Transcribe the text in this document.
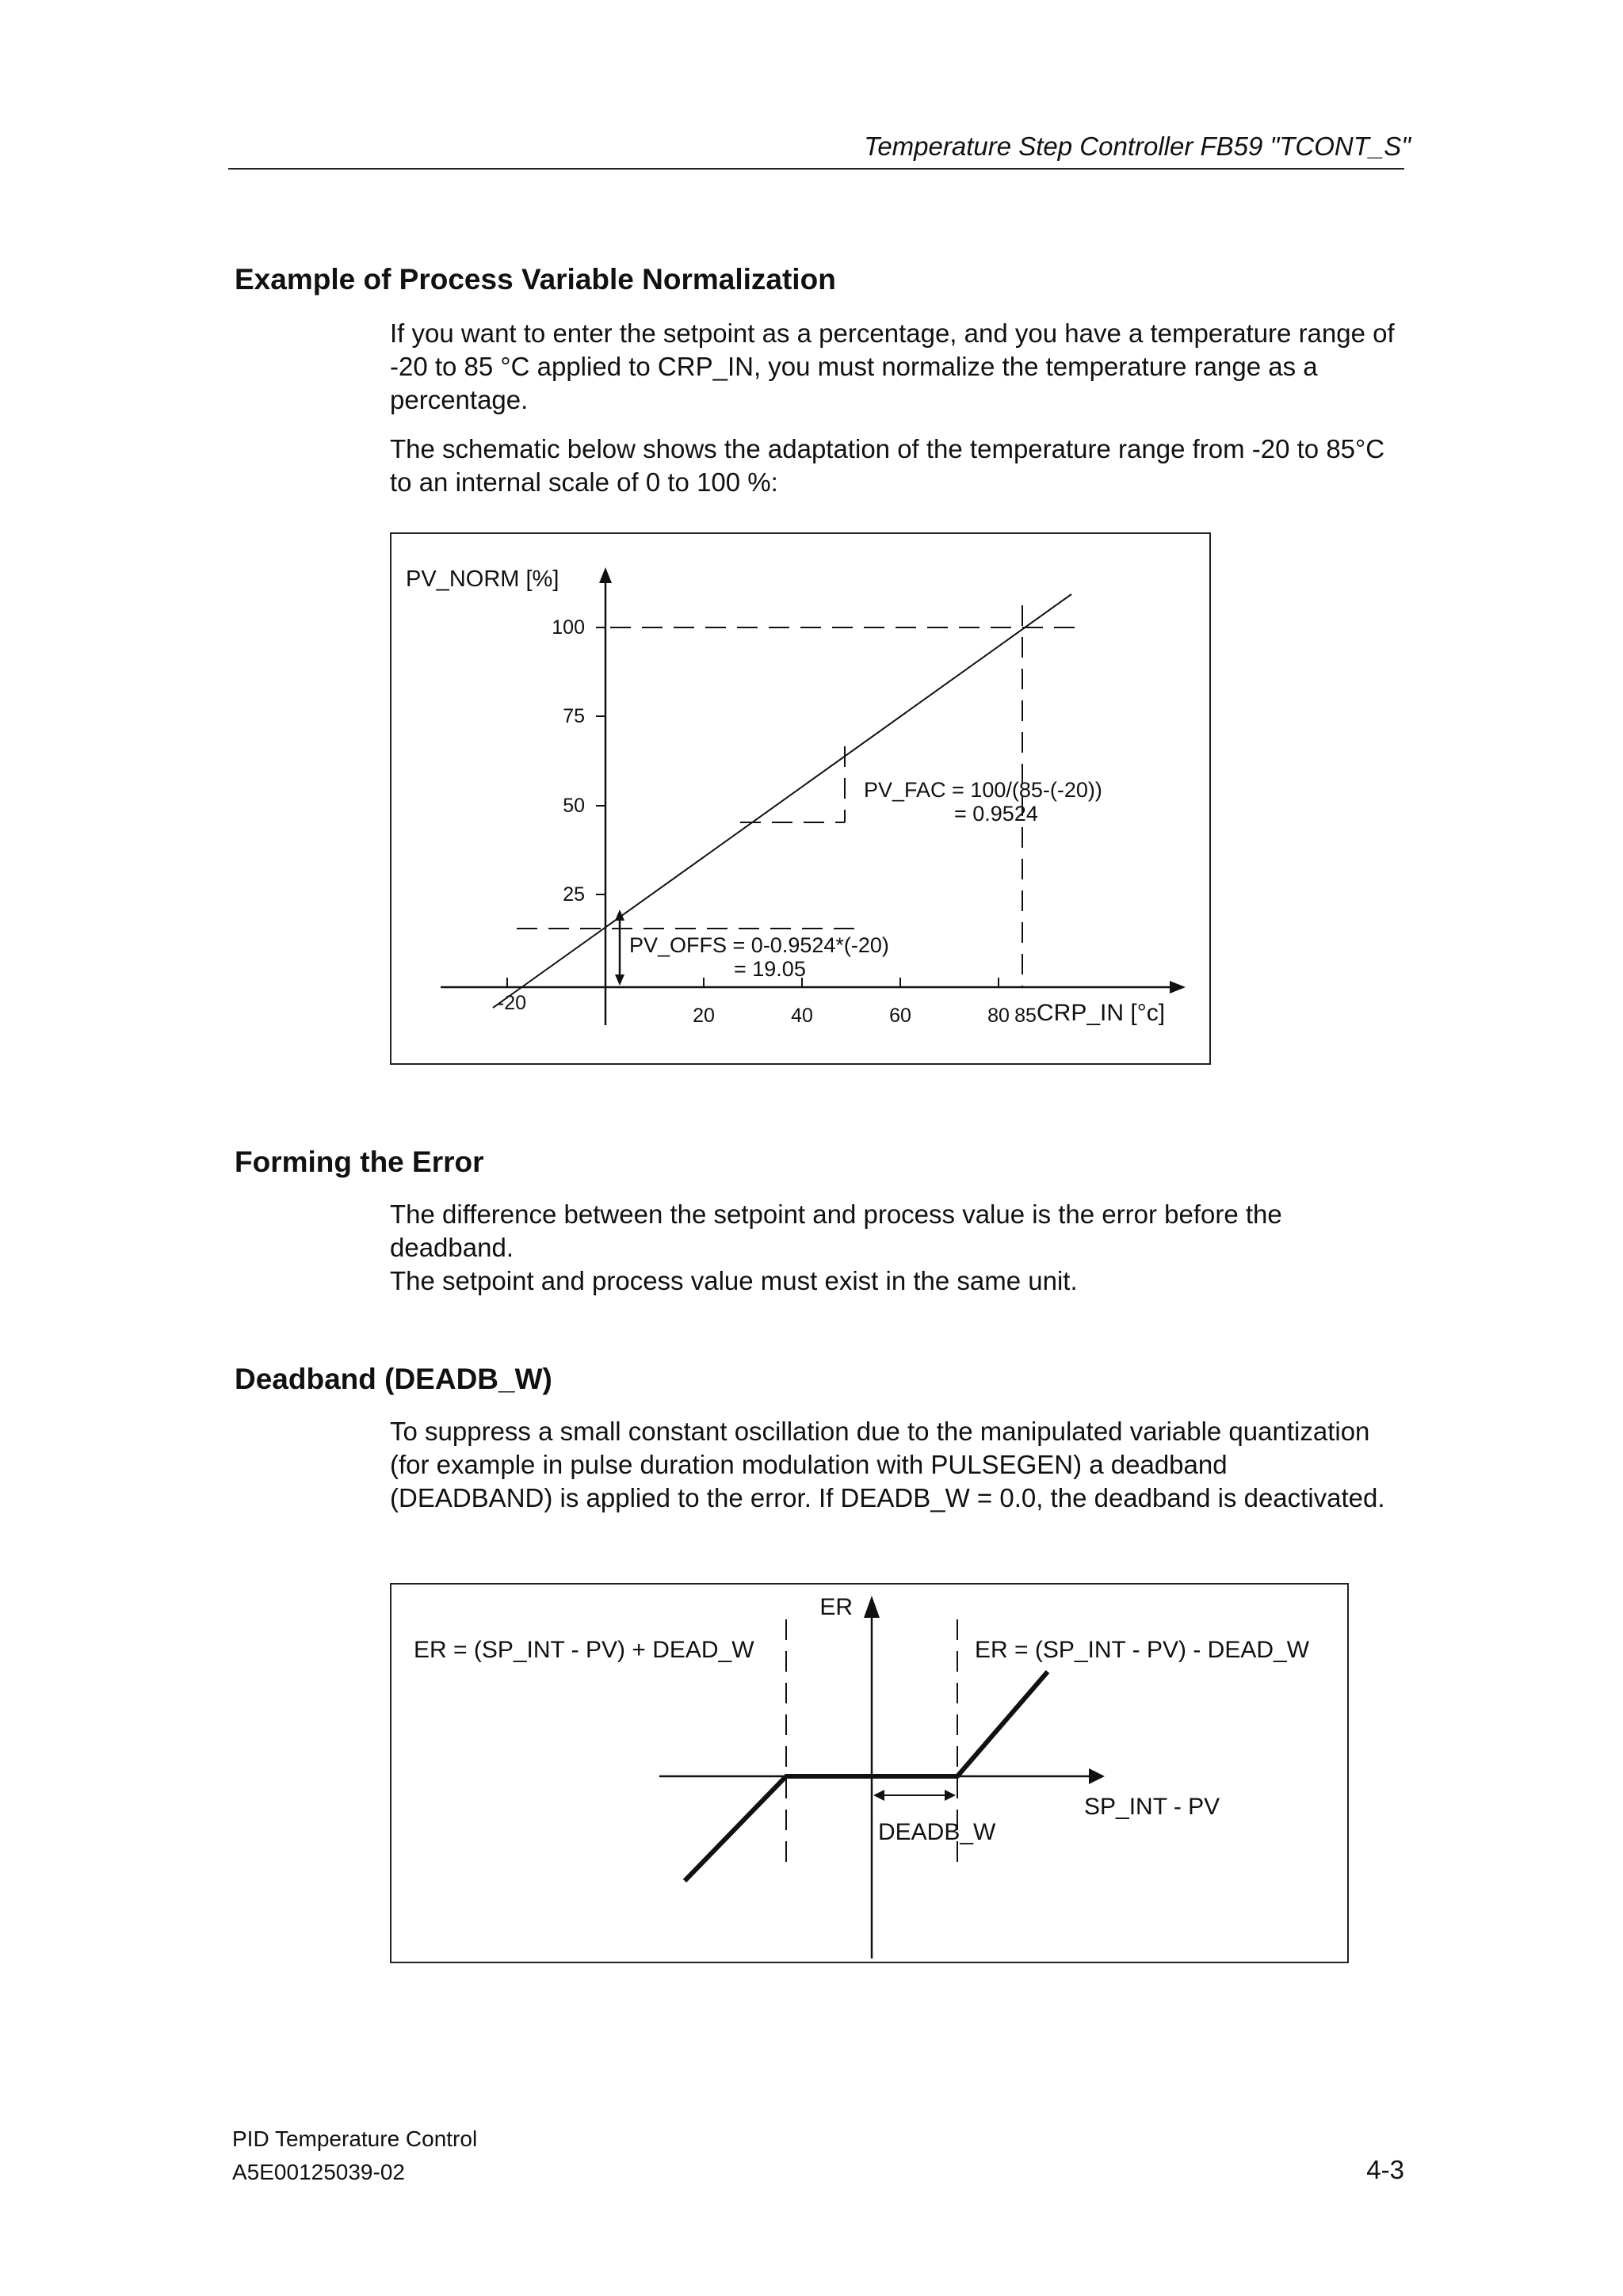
Temperature Step Controller FB59 "TCONT_S"
Example of Process Variable Normalization

If you want to enter the setpoint as a percentage, and you have a temperature range of -20 to 85 °C applied to CRP_IN, you must normalize the temperature range as a percentage.

The schematic below shows the adaptation of the temperature range from -20 to 85°C to an internal scale of 0 to 100 %:

PV_NORM [%]
CRP_IN [°c]
100
75
50
25
-20
20	40	60	80 85
PV_FAC = 100/(85-(-20))
= 0.9524
PV_OFFS = 0-0.9524*(-20)
= 19.05
Forming the Error
The difference between the setpoint and process value is the error before the
deadband.
The setpoint and process value must exist in the same unit.
Deadband (DEADB_W)

To suppress a small constant oscillation due to the manipulated variable quantization (for example in pulse duration modulation with PULSEGEN) a deadband (DEADBAND) is applied to the error. If DEADB_W = 0.0, the deadband is deactivated.

ER
ER = (SP_INT - PV) + DEAD_W	ER = (SP_INT - PV) - DEAD_W
SP_INT - PV
DEADB_W
PID Temperature Control
A5E00125039-02	4-3
